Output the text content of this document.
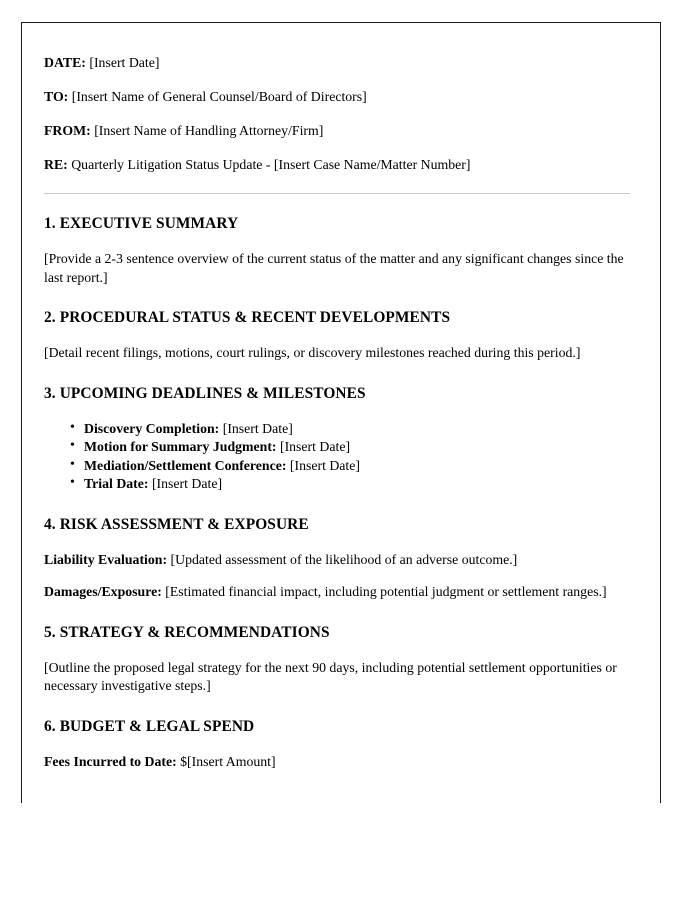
DATE: [Insert Date]

TO: [Insert Name of General Counsel/Board of Directors]

FROM: [Insert Name of Handling Attorney/Firm]

RE: Quarterly Litigation Status Update - [Insert Case Name/Matter Number]

1. EXECUTIVE SUMMARY

[Provide a 2-3 sentence overview of the current status of the matter and any significant changes since the last report.]

2. PROCEDURAL STATUS & RECENT DEVELOPMENTS

[Detail recent filings, motions, court rulings, or discovery milestones reached during this period.]

3. UPCOMING DEADLINES & MILESTONES
• Discovery Completion: [Insert Date]
• Motion for Summary Judgment: [Insert Date]
• Mediation/Settlement Conference: [Insert Date]
• Trial Date: [Insert Date]
4. RISK ASSESSMENT & EXPOSURE

Liability Evaluation: [Updated assessment of the likelihood of an adverse outcome.]

Damages/Exposure: [Estimated financial impact, including potential judgment or settlement ranges.]

5. STRATEGY & RECOMMENDATIONS

[Outline the proposed legal strategy for the next 90 days, including potential settlement opportunities or necessary investigative steps.]

6. BUDGET & LEGAL SPEND

Fees Incurred to Date: $[Insert Amount]
